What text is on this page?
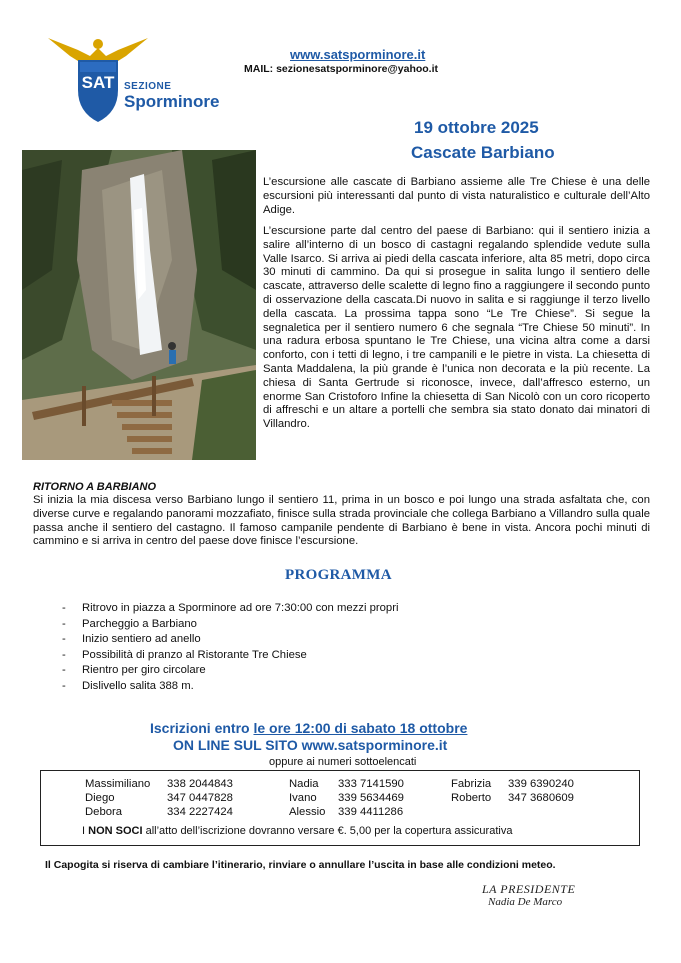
SAT SEZIONE
Sporminore
www.satsporminore.it
MAIL: sezionesatsporminore@yahoo.it
19 ottobre 2025
Cascate Barbiano
L’escursione alle cascate di Barbiano assieme alle Tre Chiese è una delle escursioni più interessanti dal punto di vista naturalistico e culturale dell’Alto Adige.
L’escursione parte dal centro del paese di Barbiano: qui il sentiero inizia a salire all’interno di un bosco di castagni regalando splendide vedute sulla Valle Isarco. Si arriva ai piedi della cascata inferiore, alta 85 metri, dopo circa 30 minuti di cammino. Da qui si prosegue in salita lungo il sentiero delle cascate, attraverso delle scalette di legno fino a raggiungere il secondo punto di osservazione della cascata.Di nuovo in salita e si raggiunge il terzo livello della cascata. La prossima tappa sono “Le Tre Chiese”. Si segue la segnaletica per il sentiero numero 6 che segnala “Tre Chiese 50 minuti”. In una radura erbosa spuntano le Tre Chiese, una vicina altra come a darsi conforto, con i tetti di legno, i tre campanili e le pietre in vista. La chiesetta di Santa Maddalena, la più grande è l’unica non decorata e la più recente. La chiesa di Santa Gertrude si riconosce, invece, dall’affresco esterno, un enorme San Cristoforo Infine la chiesetta di San Nicolò con un coro ricoperto di affreschi e un altare a portelli che sembra sia stato donato dai minatori di Villandro.
RITORNO A BARBIANO
Si inizia la mia discesa verso Barbiano lungo il sentiero 11, prima in un bosco e poi lungo una strada asfaltata che, con diverse curve e regalando panorami mozzafiato, finisce sulla strada provinciale che collega Barbiano a Villandro sulla quale passa anche il sentiero del castagno. Il famoso campanile pendente di Barbiano è bene in vista. Ancora pochi minuti di cammino e si arriva in centro del paese dove finisce l’escursione.
PROGRAMMA
- Ritrovo in piazza a Sporminore ad ore 7:30:00 con mezzi propri
- Parcheggio a Barbiano
- Inizio sentiero ad anello
- Possibilità di pranzo al Ristorante Tre Chiese
- Rientro per giro circolare
- Dislivello salita 388 m.
Iscrizioni entro le ore 12:00 di sabato 18 ottobre
ON LINE SUL SITO www.satsporminore.it
oppure ai numeri sottoelencati
Massimiliano 338 2044843
Diego	347 0447828
Debora	334 2227424
Nadia 333 7141590
Ivano 339 5634469
Alessio 339 4411286
Fabrizia 339 6390240
Roberto 347 3680609
I NON SOCI all’atto dell’iscrizione dovranno versare €. 5,00 per la copertura assicurativa
Il Capogita si riserva di cambiare l’itinerario, rinviare o annullare l’uscita in base alle condizioni meteo.
LA PRESIDENTE
Nadia De Marco
